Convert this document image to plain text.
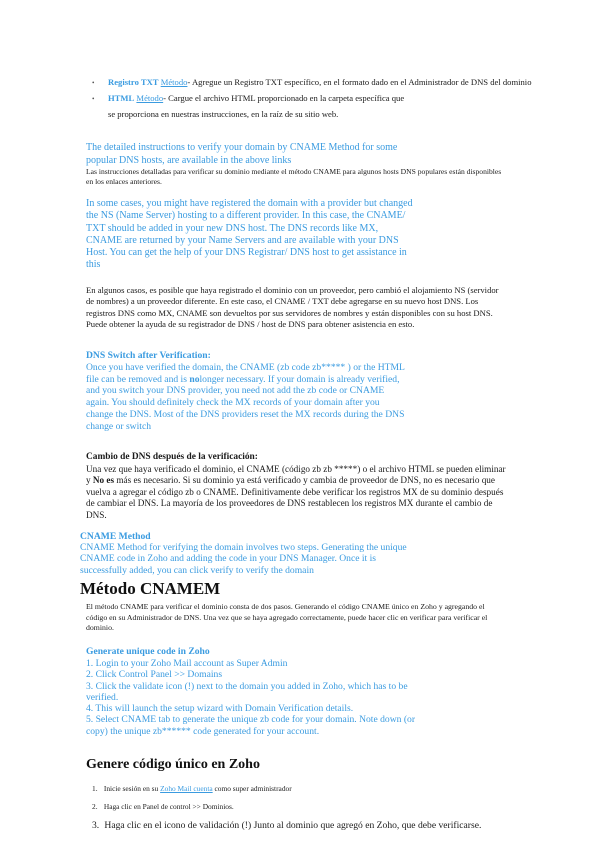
•	Registro TXT Método- Agregue un Registro TXT específico, en el formato dado en el Administrador de DNS del dominio
•	HTML Método- Cargue el archivo HTML proporcionado en la carpeta específica que
se proporciona en nuestras instrucciones, en la raíz de su sitio web.
The detailed instructions to verify your domain by CNAME Method for some popular DNS hosts, are available in the above links
Las instrucciones detalladas para verificar su dominio mediante el método CNAME para algunos hosts DNS populares están disponibles en los enlaces anteriores.
In some cases, you might have registered the domain with a provider but changed the NS (Name Server) hosting to a different provider. In this case, the CNAME/ TXT should be added in your new DNS host. The DNS records like MX, CNAME are returned by your Name Servers and are available with your DNS Host. You can get the help of your DNS Registrar/ DNS host to get assistance in this
En algunos casos, es posible que haya registrado el dominio con un proveedor, pero cambió el alojamiento NS (servidor de nombres) a un proveedor diferente. En este caso, el CNAME / TXT debe agregarse en su nuevo host DNS. Los registros DNS como MX, CNAME son devueltos por sus servidores de nombres y están disponibles con su host DNS. Puede obtener la ayuda de su registrador de DNS / host de DNS para obtener asistencia en esto.
DNS Switch after Verification:
Once you have verified the domain, the CNAME (zb code zb***** ) or the HTML file can be removed and is nolonger necessary. If your domain is already verified, and you switch your DNS provider, you need not add the zb code or CNAME again. You should definitely check the MX records of your domain after you change the DNS. Most of the DNS providers reset the MX records during the DNS change or switch
Cambio de DNS después de la verificación:
Una vez que haya verificado el dominio, el CNAME (código zb zb *****) o el archivo HTML se pueden eliminar y No es más es necesario. Si su dominio ya está verificado y cambia de proveedor de DNS, no es necesario que vuelva a agregar el código zb o CNAME. Definitivamente debe verificar los registros MX de su dominio después de cambiar el DNS. La mayoría de los proveedores de DNS restablecen los registros MX durante el cambio de DNS.
CNAME Method
CNAME Method for verifying the domain involves two steps. Generating the unique CNAME code in Zoho and adding the code in your DNS Manager. Once it is successfully added, you can click verify to verify the domain
Método CNAMEM
El método CNAME para verificar el dominio consta de dos pasos. Generando el código CNAME único en Zoho y agregando el código en su Administrador de DNS. Una vez que se haya agregado correctamente, puede hacer clic en verificar para verificar el dominio.
Generate unique code in Zoho
1. Login to your Zoho Mail account as Super Admin
2. Click Control Panel >> Domains
3. Click the validate icon (!) next to the domain you added in Zoho, which has to be verified.
4. This will launch the setup wizard with Domain Verification details.
5. Select CNAME tab to generate the unique zb code for your domain. Note down (or copy) the unique zb****** code generated for your account.
Genere código único en Zoho
1. Inicie sesión en su Zoho Mail cuenta como super administrador
2. Haga clic en Panel de control >> Dominios.
3. Haga clic en el icono de validación (!) Junto al dominio que agregó en Zoho, que debe verificarse.
